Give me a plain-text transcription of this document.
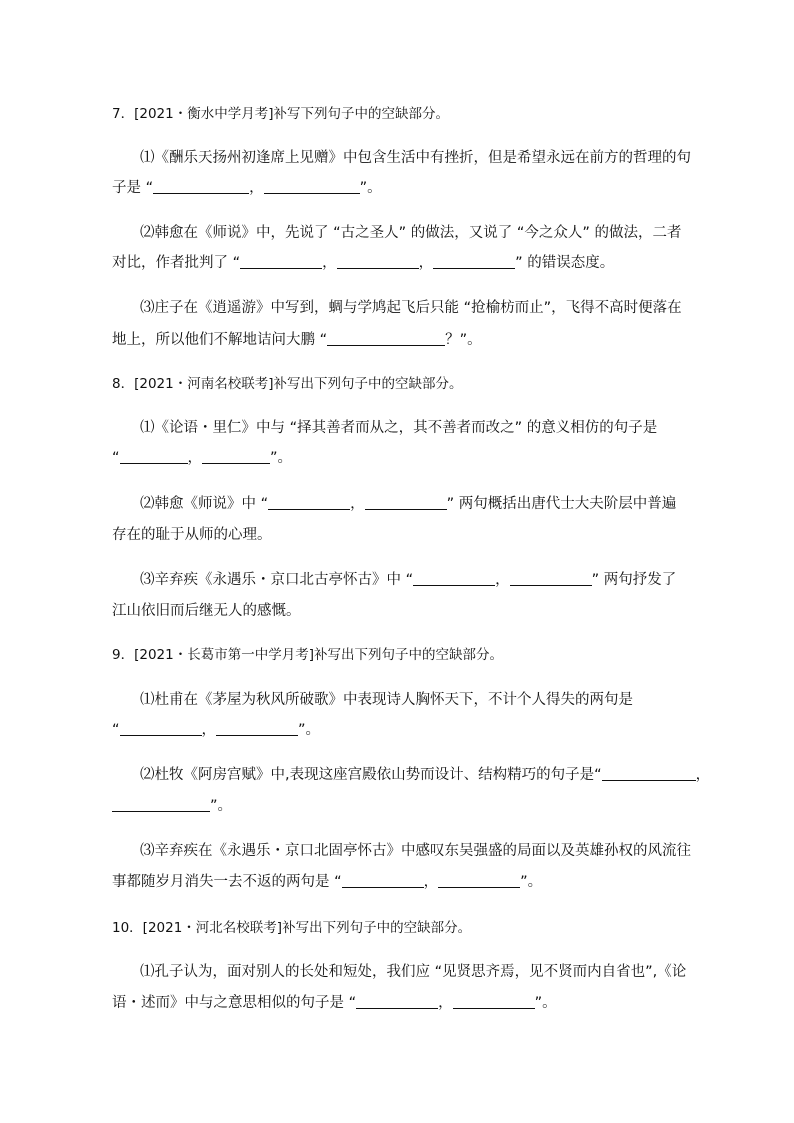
7．[2021・衡水中学月考]补写下列句子中的空缺部分。
⑴《酬乐天扬州初逢席上见赠》中包含生活中有挫折，但是希望永远在前方的哲理的句
子是 “	，	”。
⑵韩愈在《师说》中，先说了 “古之圣人” 的做法，又说了 “今之众人” 的做法，二者
对比，作者批判了 “	，	，	” 的错误态度。
⑶庄子在《逍遥游》中写到，蜩与学鸠起飞后只能 “抢榆枋而止”，飞得不高时便落在
地上，所以他们不解地诘问大鹏 “	？”。
8．[2021・河南名校联考]补写出下列句子中的空缺部分。
⑴《论语・里仁》中与 “择其善者而从之，其不善者而改之” 的意义相仿的句子是
“	，	”。
⑵韩愈《师说》中 “	，	” 两句概括出唐代士大夫阶层中普遍
存在的耻于从师的心理。
⑶辛弃疾《永遇乐・京口北古亭怀古》中 “	，	” 两句抒发了
江山依旧而后继无人的感慨。
9．[2021・长葛市第一中学月考]补写出下列句子中的空缺部分。
⑴杜甫在《茅屋为秋风所破歌》中表现诗人胸怀天下，不计个人得失的两句是
“	，	”。
⑵杜牧《阿房宫赋》中,表现这座宫殿依山势而设计、结构精巧的句子是“	，
”。
⑶辛弃疾在《永遇乐・京口北固亭怀古》中感叹东吴强盛的局面以及英雄孙权的风流往
事都随岁月消失一去不返的两句是 “	，	”。
10．[2021・河北名校联考]补写出下列句子中的空缺部分。
⑴孔子认为，面对别人的长处和短处，我们应 “见贤思齐焉，见不贤而内自省也”,《论
语・述而》中与之意思相似的句子是 “	，	”。
